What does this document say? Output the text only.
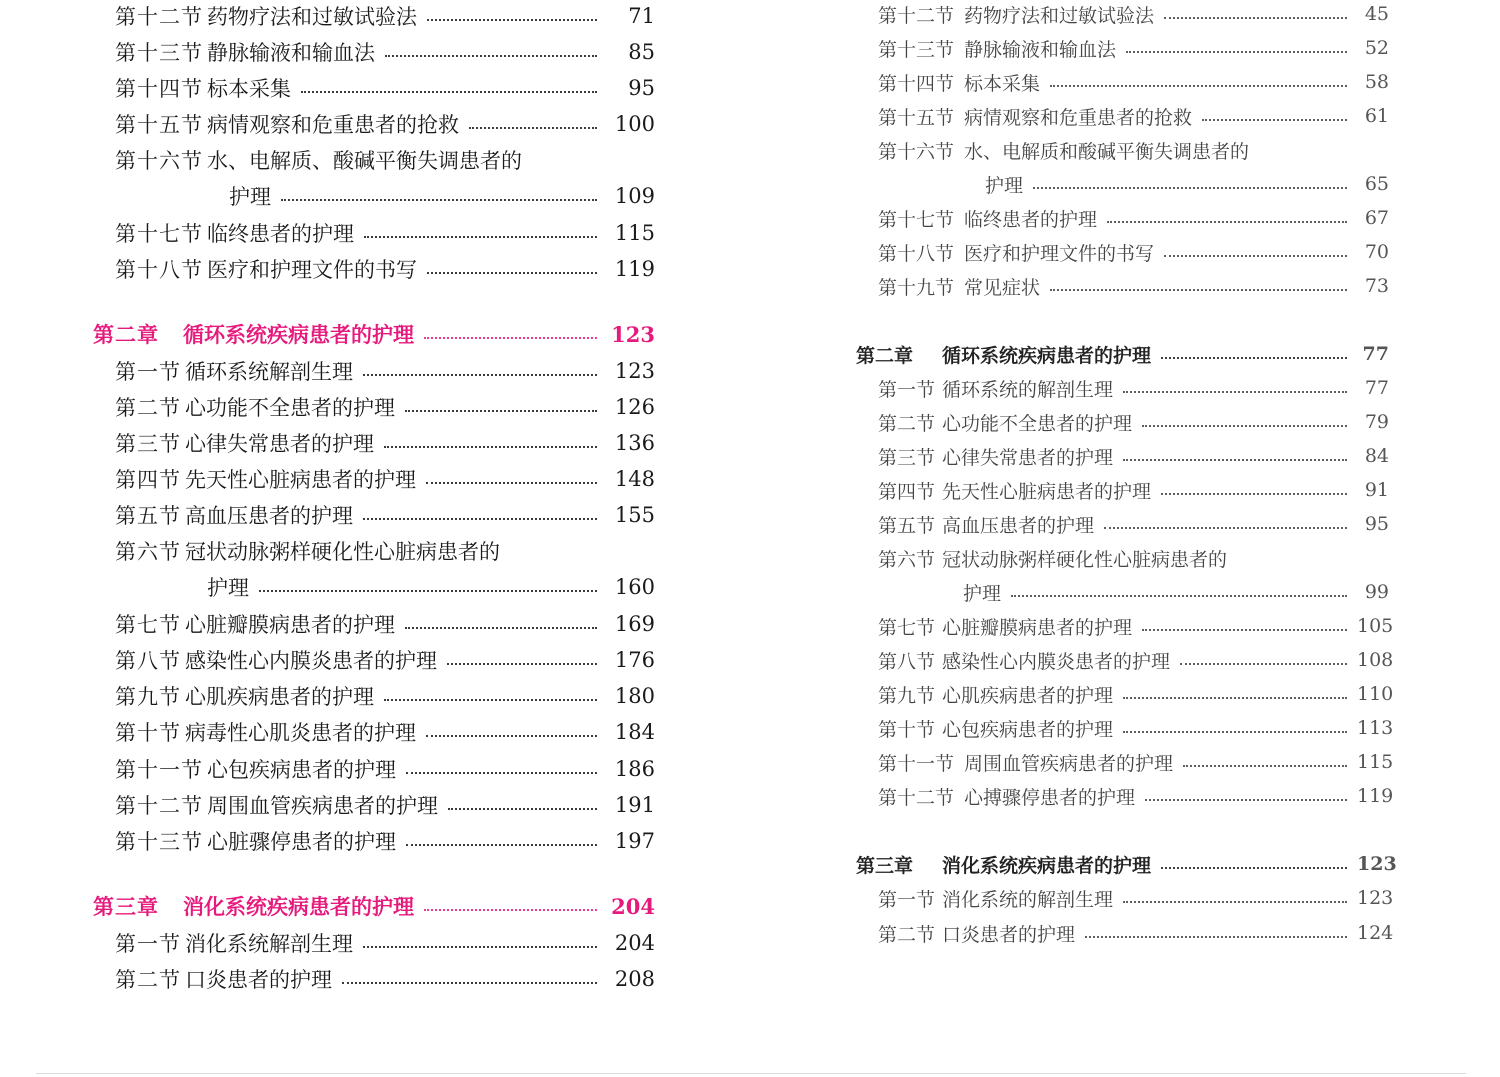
第十二节 药物疗法和过敏试验法	71
第十三节 静脉输液和输血法	85
第十四节 标本采集	95
第十五节 病情观察和危重患者的抢救	100
第十六节 水、电解质、酸碱平衡失调患者的
护理	109
第十七节 临终患者的护理	115
第十八节 医疗和护理文件的书写	119
第二章	循环系统疾病患者的护理	123
第一节 循环系统解剖生理	123
第二节 心功能不全患者的护理	126
第三节 心律失常患者的护理	136
第四节 先天性心脏病患者的护理	148
第五节 高血压患者的护理	155
第六节 冠状动脉粥样硬化性心脏病患者的
护理	160
第七节 心脏瓣膜病患者的护理	169
第八节 感染性心内膜炎患者的护理	176
第九节 心肌疾病患者的护理	180
第十节 病毒性心肌炎患者的护理	184
第十一节 心包疾病患者的护理	186
第十二节 周围血管疾病患者的护理	191
第十三节 心脏骤停患者的护理	197
第三章	消化系统疾病患者的护理	204
第一节 消化系统解剖生理	204
第二节 口炎患者的护理	208
第十二节 药物疗法和过敏试验法	45
第十三节 静脉输液和输血法	52
第十四节 标本采集	58
第十五节 病情观察和危重患者的抢救	61
第十六节 水、电解质和酸碱平衡失调患者的
护理	65
第十七节 临终患者的护理	67
第十八节 医疗和护理文件的书写	70
第十九节 常见症状	73
第二章	循环系统疾病患者的护理	77
第一节 循环系统的解剖生理	77
第二节 心功能不全患者的护理	79
第三节 心律失常患者的护理	84
第四节 先天性心脏病患者的护理	91
第五节 高血压患者的护理	95
第六节 冠状动脉粥样硬化性心脏病患者的
护理	99
第七节 心脏瓣膜病患者的护理	105
第八节 感染性心内膜炎患者的护理	108
第九节 心肌疾病患者的护理	110
第十节 心包疾病患者的护理	113
第十一节 周围血管疾病患者的护理	115
第十二节 心搏骤停患者的护理	119
第三章	消化系统疾病患者的护理	123
第一节 消化系统的解剖生理	123
第二节 口炎患者的护理	124
